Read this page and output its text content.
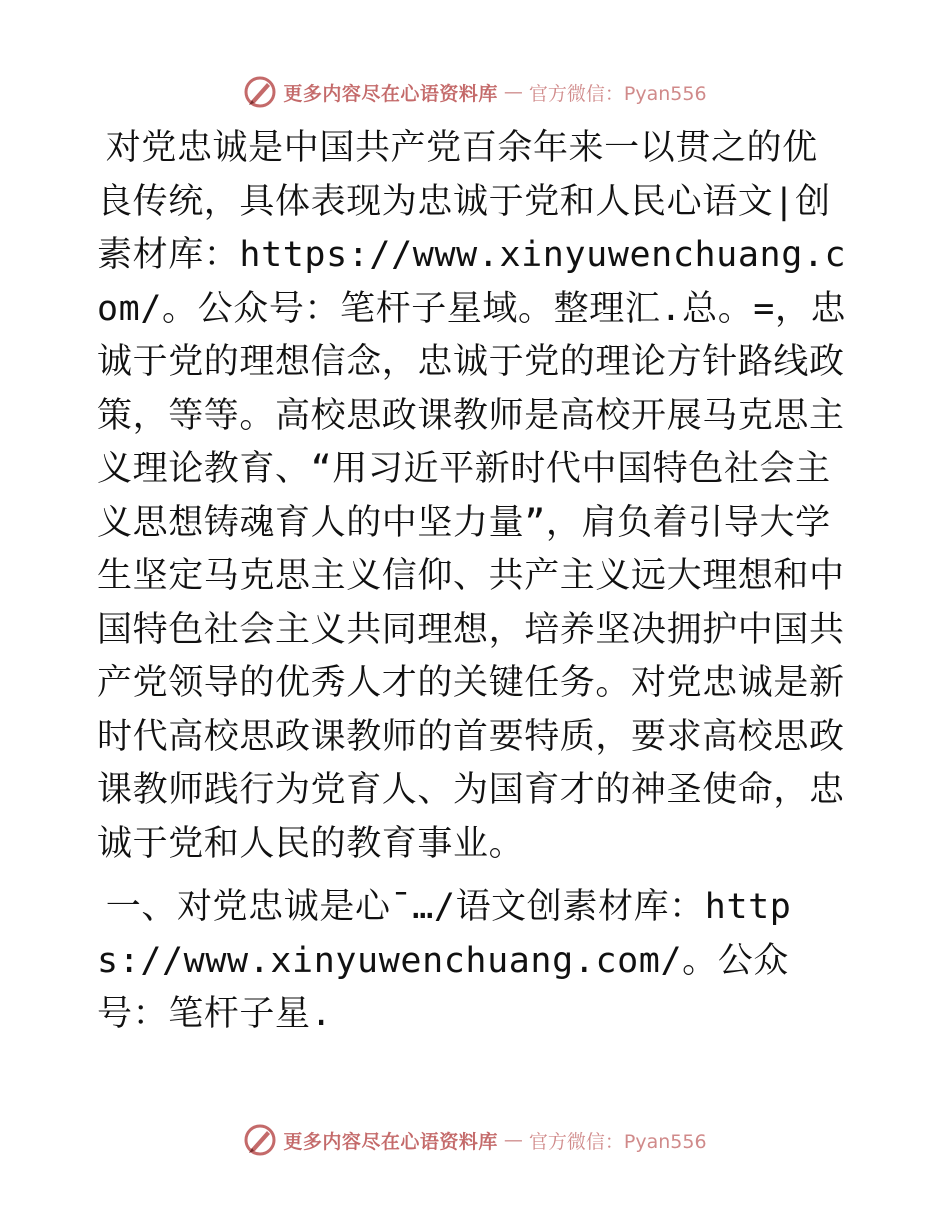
更多内容尽在心语资料库 — 官方微信：Pyan556

对党忠诚是中国共产党百余年来一以贯之的优良传统，具体表现为忠诚于党和人民心语文|创素材库：https://www.xinyuwenchuang.com/。公众号：笔杆子星域。整理汇.总。=，忠诚于党的理想信念，忠诚于党的理论方针路线政策，等等。高校思政课教师是高校开展马克思主义理论教育、“用习近平新时代中国特色社会主义思想铸魂育人的中坚力量”，肩负着引导大学生坚定马克思主义信仰、共产主义远大理想和中国特色社会主义共同理想，培养坚决拥护中国共产党领导的优秀人才的关键任务。对党忠诚是新时代高校思政课教师的首要特质，要求高校思政课教师践行为党育人、为国育才的神圣使命，忠诚于党和人民的教育事业。

一、对党忠诚是心¯…/语文创素材库：https://www.xinyuwenchuang.com/。公众号：笔杆子星.

更多内容尽在心语资料库 — 官方微信：Pyan556
